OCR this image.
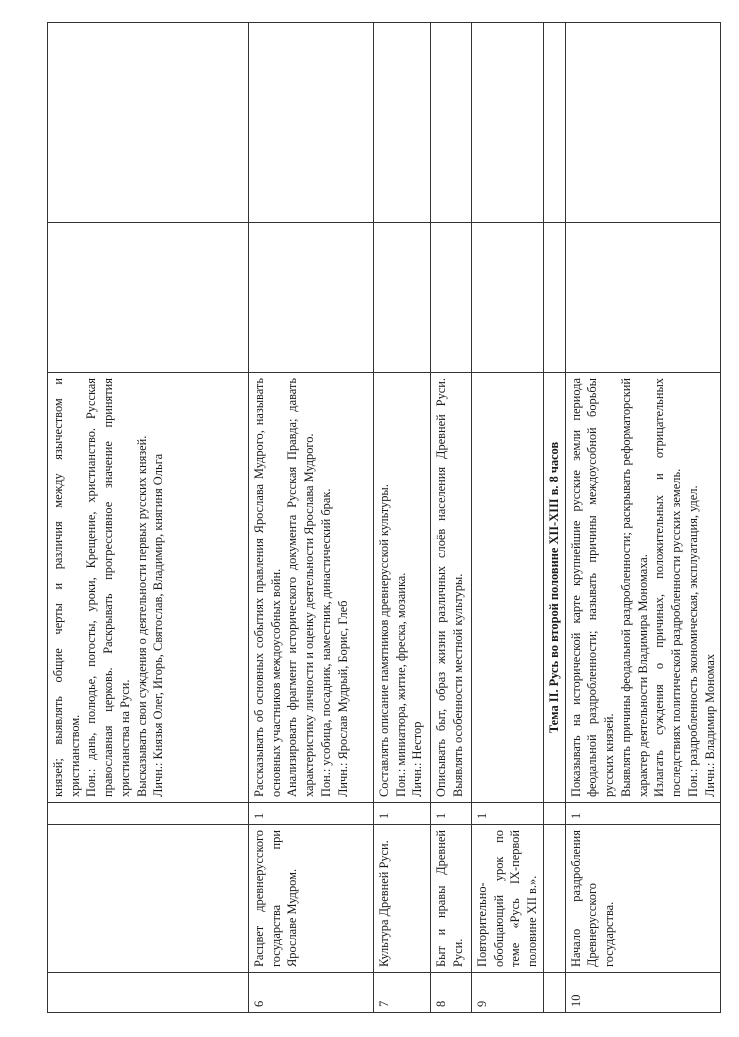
			князей; выявлять общие черты и различия между язычеством и христианством. Пон.: дань, полюдье, погосты, уроки, Крещение, христианство. Русская православная церковь. Раскрывать прогрессивное значение принятия христианства на Руси. Высказывать свои суждения о деятельности первых русских князей. Личн.: Князья Олег, Игорь, Святослав, Владимир, княгиня Ольга		

6	Расцвет древнерусского государства при Ярославе Мудром.	1	Рассказывать об основных событиях правления Ярослава Мудрого, называть основных участников междоусобных войн. Анализировать фрагмент исторического документа Русская Правда; давать характеристику личности и оценку деятельности Ярослава Мудрого. Пон.: усобица, посадник, наместник, династический брак. Личн.: Ярослав Мудрый, Борис, Глеб		

7	Культура Древней Руси.	1	Составлять описание памятников древнерусской культуры. Пон.: миниатюра, житие, фреска, мозаика. Личн.: Нестор		

8	Быт и нравы Древней Руси.	1	Описывать быт, образ жизни различных слоёв населения Древней Руси. Выявлять особенности местной культуры.		

9	Повторительно-обобщающий урок по теме «Русь IX-первой половине XII в.».	1			
			Тема II. Русь во второй половине XII-XIII в. 8 часов		
10	Начало раздробления Древнерусского государства.	1	Показывать на исторической карте крупнейшие русские земли периода феодальной раздробленности; называть причины междоусобной борьбы русских князей. Выявлять причины феодальной раздробленности; раскрывать реформаторский характер деятельности Владимира Мономаха. Излагать суждения о причинах, положительных и отрицательных последствиях политической раздробленности русских земель. Пон.: раздробленность экономическая, эксплуатация, удел. Личн.: Владимир Мономах		
